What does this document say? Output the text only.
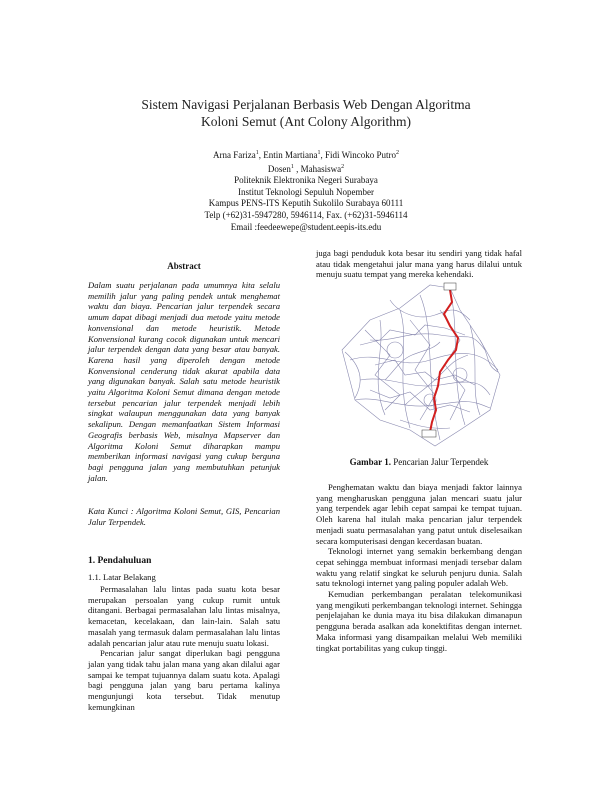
Sistem Navigasi Perjalanan Berbasis Web Dengan Algoritma
Koloni Semut (Ant Colony Algorithm)
Arna Fariza$^1$, Entin Martiana$^1$, Fidi Wincoko Putro$^2$
Dosen$^1$ , Mahasiswa$^2$
Politeknik Elektronika Negeri Surabaya
Institut Teknologi Sepuluh Nopember
Kampus PENS-ITS Keputih Sukolilo Surabaya 60111
Telp (+62)31-5947280, 5946114, Fax. (+62)31-5946114
Email :feedeewepe@student.eepis-its.edu
Abstract

Dalam suatu perjalanan pada umumnya kita selalu memilih jalur yang paling pendek untuk menghemat waktu dan biaya. Pencarian jalur terpendek secara umum dapat dibagi menjadi dua metode yaitu metode konvensional dan metode heuristik. Metode Konvensional kurang cocok digunakan untuk mencari jalur terpendek dengan data yang besar atau banyak. Karena hasil yang diperoleh dengan metode Konvensional cenderung tidak akurat apabila data yang digunakan banyak. Salah satu metode heuristik yaitu Algoritma Koloni Semut dimana dengan metode tersebut pencarian jalur terpendek menjadi lebih singkat walaupun menggunakan data yang banyak sekalipun. Dengan memanfaatkan Sistem Informasi Geografis berbasis Web, misalnya Mapserver dan Algoritma Koloni Semut diharapkan mampu memberikan informasi navigasi yang cukup berguna bagi pengguna jalan yang membutuhkan petunjuk jalan.

Kata Kunci : Algoritma Koloni Semut, GIS, Pencarian Jalur Terpendek.

1. Pendahuluan
1.1. Latar Belakang

Permasalahan lalu lintas pada suatu kota besar merupakan persoalan yang cukup rumit untuk ditangani. Berbagai permasalahan lalu lintas misalnya, kemacetan, kecelakaan, dan lain-lain. Salah satu masalah yang termasuk dalam permasalahan lalu lintas adalah pencarian jalur atau rute menuju suatu lokasi.

Pencarian jalur sangat diperlukan bagi pengguna jalan yang tidak tahu jalan mana yang akan dilalui agar sampai ke tempat tujuannya dalam suatu kota. Apalagi bagi pengguna jalan yang baru pertama kalinya mengunjungi kota tersebut. Tidak menutup kemungkinan

juga bagi penduduk kota besar itu sendiri yang tidak hafal atau tidak mengetahui jalur mana yang harus dilalui untuk menuju suatu tempat yang mereka kehendaki.

Gambar 1. Pencarian Jalur Terpendek

Penghematan waktu dan biaya menjadi faktor lainnya yang mengharuskan pengguna jalan mencari suatu jalur yang terpendek agar lebih cepat sampai ke tempat tujuan. Oleh karena hal itulah maka pencarian jalur terpendek menjadi suatu permasalahan yang patut untuk diselesaikan secara komputerisasi dengan kecerdasan buatan.

Teknologi internet yang semakin berkembang dengan cepat sehingga membuat informasi menjadi tersebar dalam waktu yang relatif singkat ke seluruh penjuru dunia. Salah satu teknologi internet yang paling populer adalah Web.

Kemudian perkembangan peralatan telekomunikasi yang mengikuti perkembangan teknologi internet. Sehingga penjelajahan ke dunia maya itu bisa dilakukan dimanapun pengguna berada asalkan ada konektifitas dengan internet. Maka informasi yang disampaikan melalui Web memiliki tingkat portabilitas yang cukup tinggi.
